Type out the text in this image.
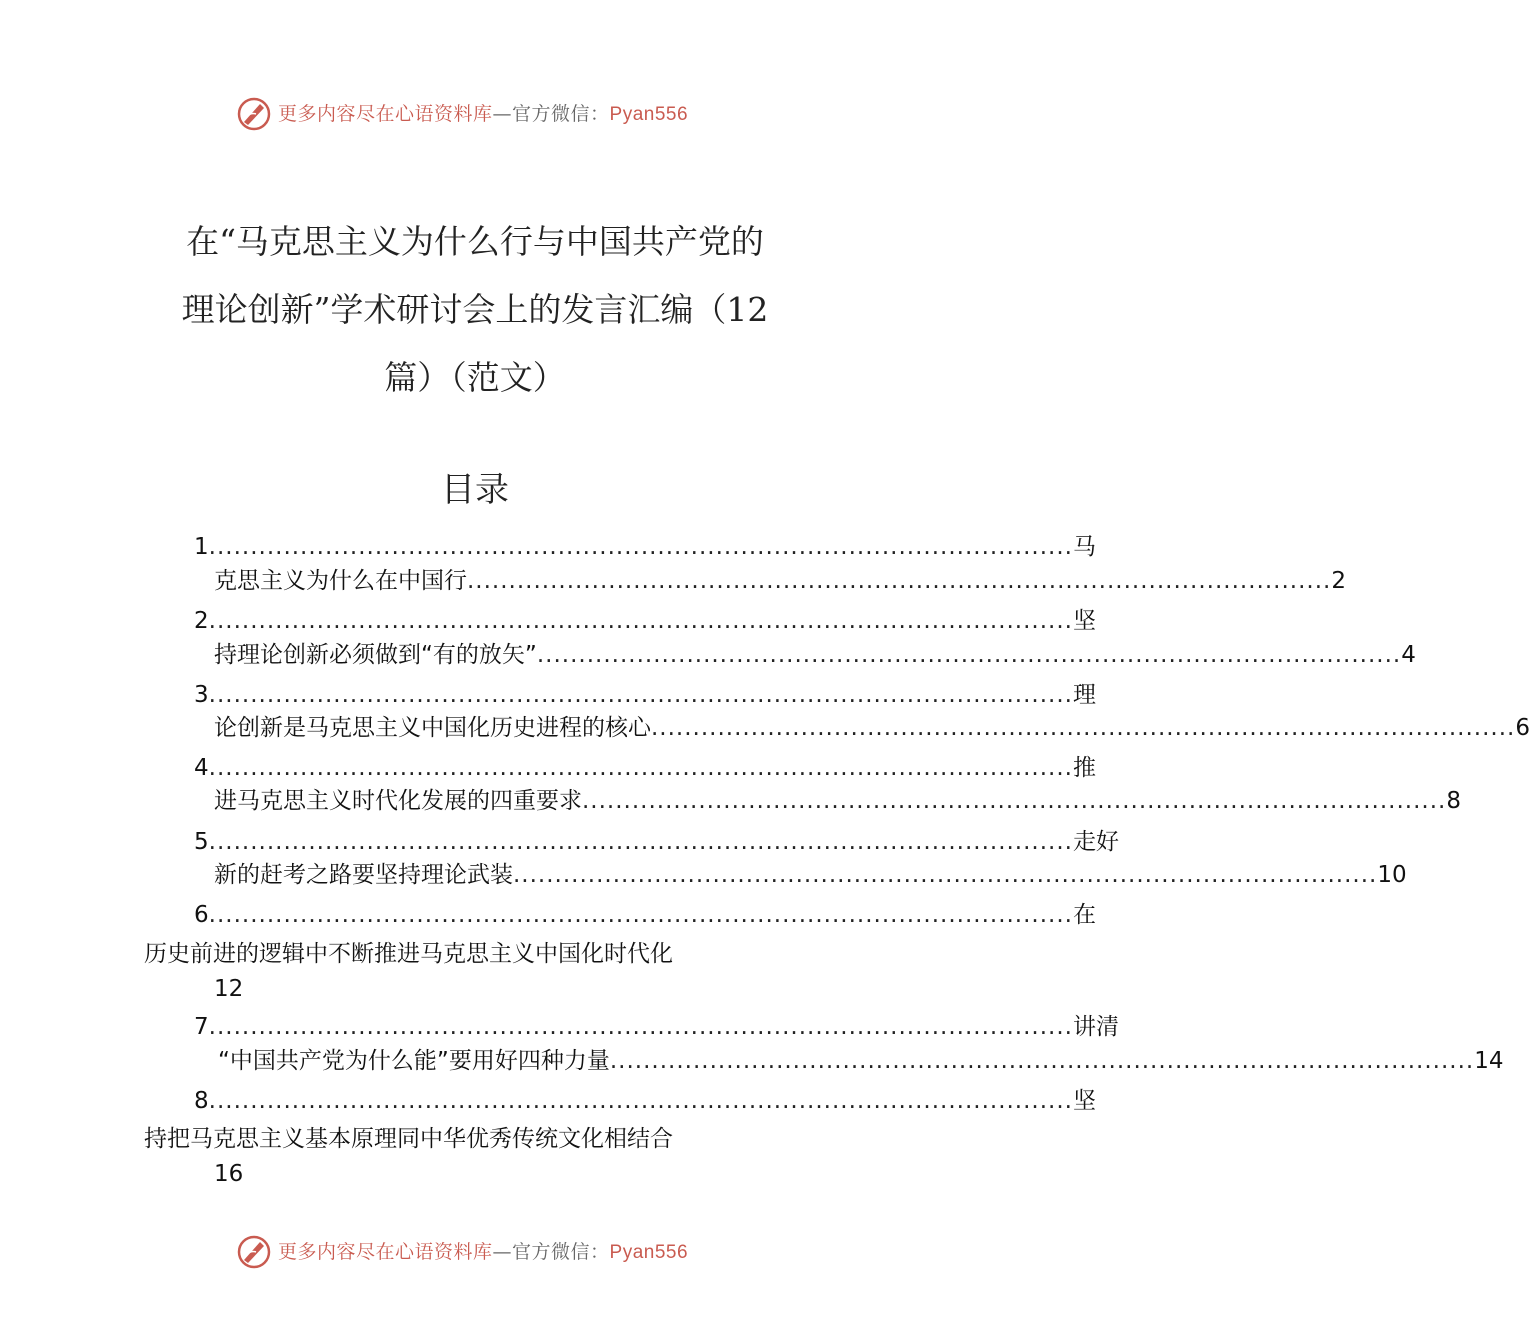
更多内容尽在心语资料库—官方微信：Pyan556
在“马克思主义为什么行与中国共产党的
理论创新”学术研讨会上的发言汇编（12
篇）（范文）
目录
1 ........................................................................................................ 马
克思主义为什么在中国行 ........................................................................................................ 2
2 ........................................................................................................ 坚
持理论创新必须做到“有的放矢” ........................................................................................................ 4
3 ........................................................................................................ 理
论创新是马克思主义中国化历史进程的核心 ........................................................................................................ 6
4 ........................................................................................................ 推
进马克思主义时代化发展的四重要求 ........................................................................................................ 8
5 ........................................................................................................ 走好
新的赶考之路要坚持理论武装 ........................................................................................................ 10
6 ........................................................................................................ 在
历史前进的逻辑中不断推进马克思主义中国化时代化
12
7 ........................................................................................................ 讲清
“中国共产党为什么能”要用好四种力量 ........................................................................................................ 14
8 ........................................................................................................ 坚
持把马克思主义基本原理同中华优秀传统文化相结合
16
更多内容尽在心语资料库—官方微信：Pyan556
